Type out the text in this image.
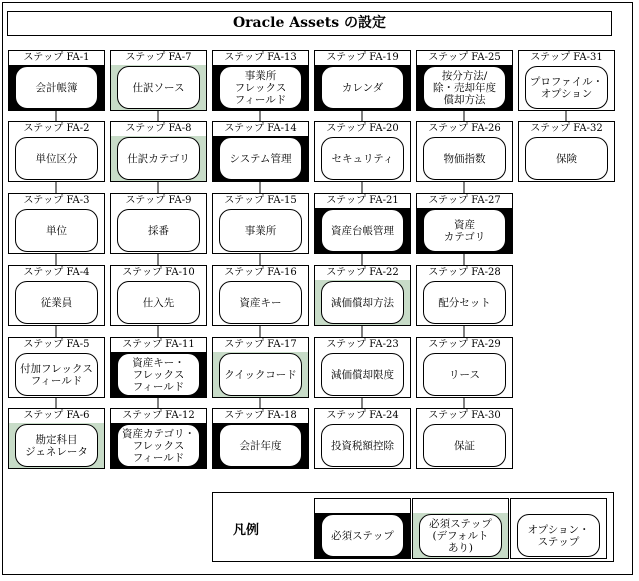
Oracle Assets の設定
ステップ FA-1
会計帳簿
ステップ FA-7
仕訳ソース
ステップ FA-13
事業所
フレックス
フィールド
ステップ FA-19
カレンダ
ステップ FA-25
按分方法/
除・売却年度
償却方法
ステップ FA-31
プロファイル・
オプション
ステップ FA-2
単位区分
ステップ FA-8
仕訳カテゴリ
ステップ FA-14
システム管理
ステップ FA-20
セキュリティ
ステップ FA-26
物価指数
ステップ FA-32
保険
ステップ FA-3
単位
ステップ FA-9
採番
ステップ FA-15
事業所
ステップ FA-21
資産台帳管理
ステップ FA-27
資産
カテゴリ
ステップ FA-4
従業員
ステップ FA-10
仕入先
ステップ FA-16
資産キー
ステップ FA-22
減価償却方法
ステップ FA-28
配分セット
ステップ FA-5
付加フレックス
フィールド
ステップ FA-11
資産キー・
フレックス
フィールド
ステップ FA-17
クイックコード
ステップ FA-23
減価償却限度
ステップ FA-29
リース
ステップ FA-6
勘定科目
ジェネレータ
ステップ FA-12
資産カテゴリ・
フレックス
フィールド
ステップ FA-18
会計年度
ステップ FA-24
投資税額控除
ステップ FA-30
保証
凡例	必須ステップ
必須ステップ
(デフォルト
あり)
オプション・
ステップ
